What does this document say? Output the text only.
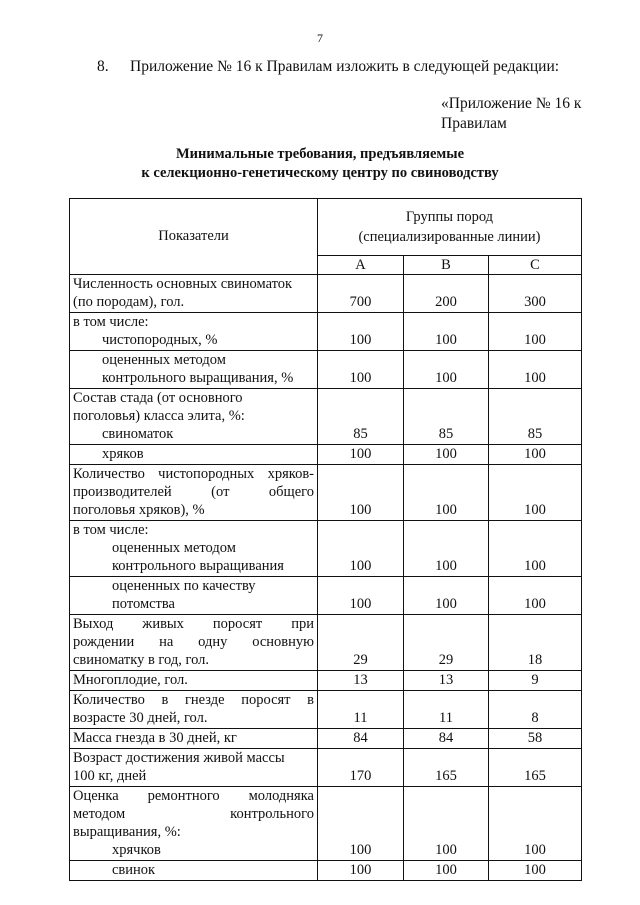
7
8. Приложение № 16 к Правилам изложить в следующей редакции:
«Приложение № 16 к
Правилам
Минимальные требования, предъявляемые
к селекционно-генетическому центру по свиноводству
Показатели	Группы пород
(специализированные линии)		

	А	В	С

Численность основных свиноматок
(по породам), гол.	700	200	300

в том числе:
чистопородных, %	100	100	100

оцененных методом
контрольного выращивания, %	100	100	100

Состав стада (от основного
поголовья) класса элита, %:
свиноматок	85	85	85

хряков	100	100	100

Количество чистопородных хряков-
производителей (от общего
поголовья хряков), %	100	100	100

в том числе:
оцененных методом
контрольного выращивания	100	100	100

оцененных по качеству
потомства	100	100	100

Выход живых поросят при
рождении на одну основную
свиноматку в год, гол.	29	29	18

Многоплодие, гол.	13	13	9

Количество в гнезде поросят в
возрасте 30 дней, гол.	11	11	8

Масса гнезда в 30 дней, кг	84	84	58

Возраст достижения живой массы
100 кг, дней	170	165	165

Оценка ремонтного молодняка
методом контрольного
выращивания, %:
хрячков	100	100	100

свинок	100	100	100
